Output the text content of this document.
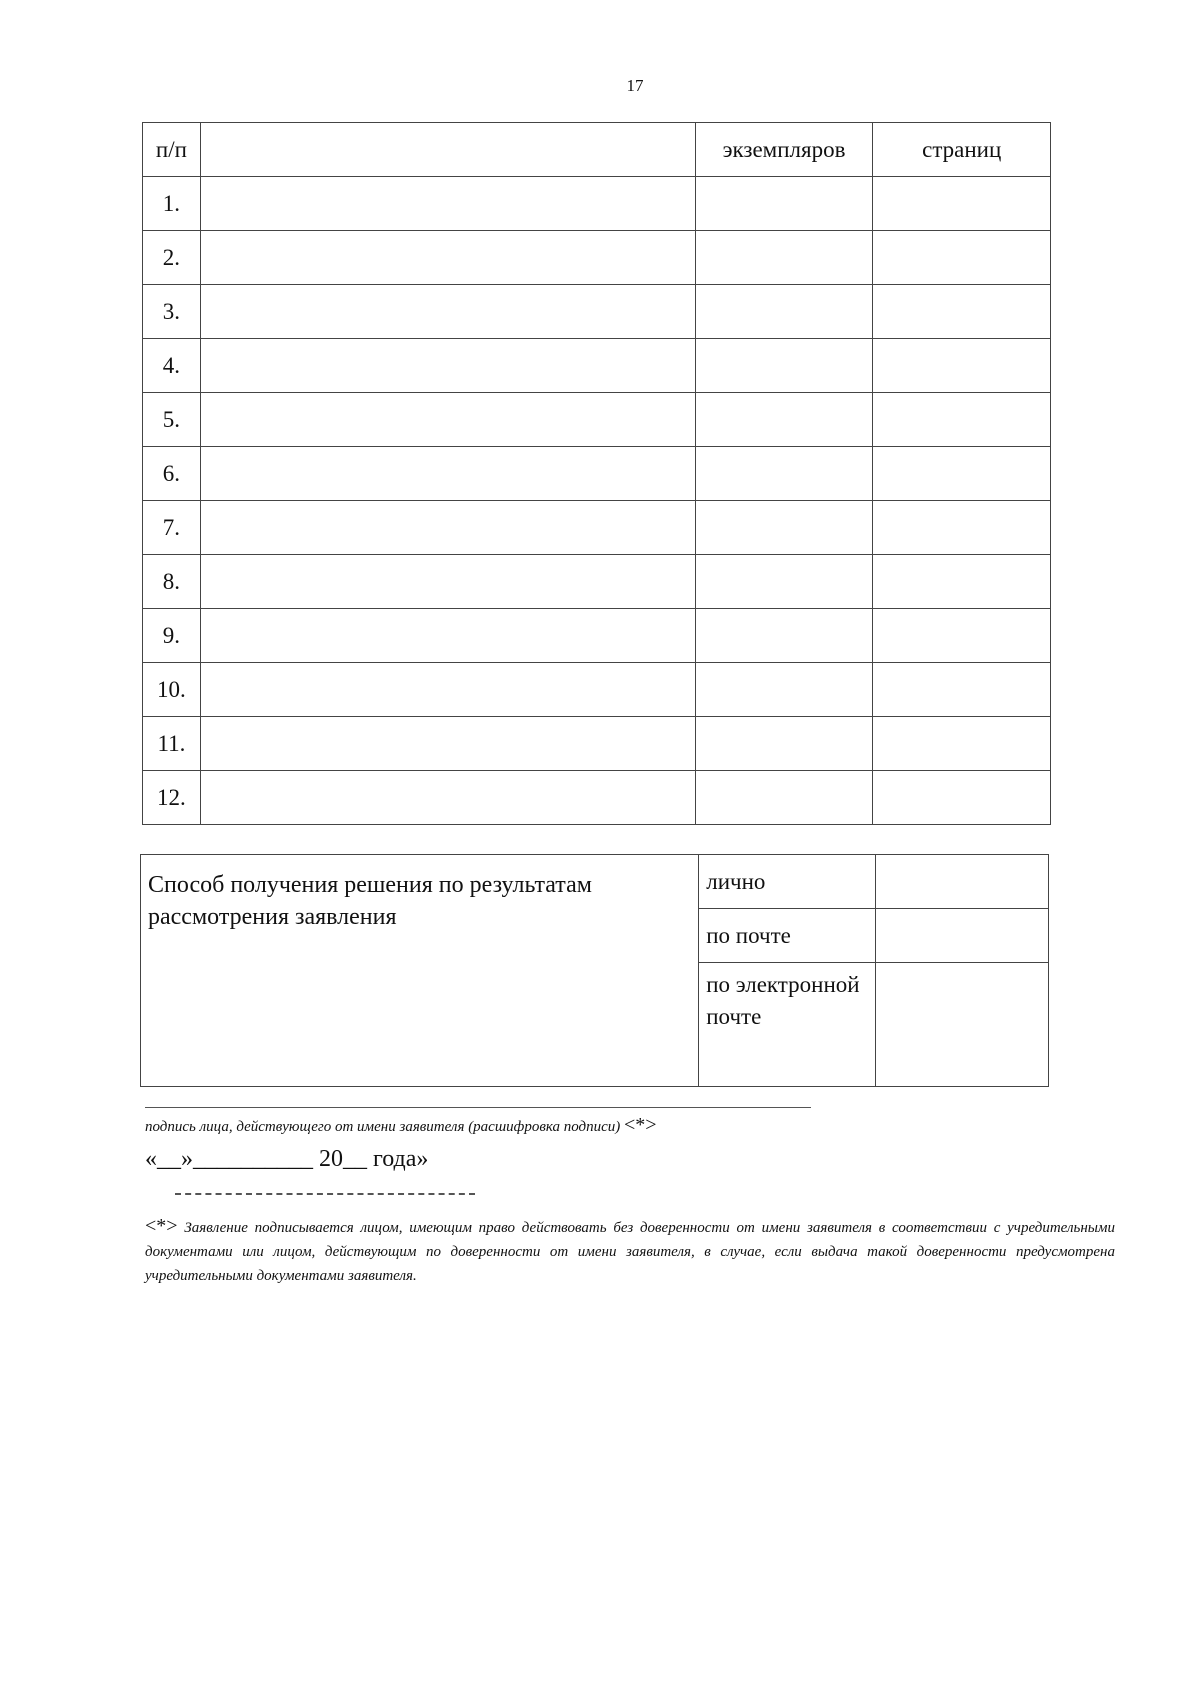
17
п/п		экземпляров	страниц
1.			
2.			
3.			
4.			
5.			
6.			
7.			
8.			
9.			
10.			
11.			
12.			
Способ получения решения по результатам рассмотрения заявления	лично	
	по почте	
	по электронной почте	
подпись лица, действующего от имени заявителя (расшифровка подписи) <*>
«__»__________ 20__ года»
<*> Заявление подписывается лицом, имеющим право действовать без доверенности от имени заявителя в соответствии с учредительными документами или лицом, действующим по доверенности от имени заявителя, в случае, если выдача такой доверенности предусмотрена учредительными документами заявителя.
